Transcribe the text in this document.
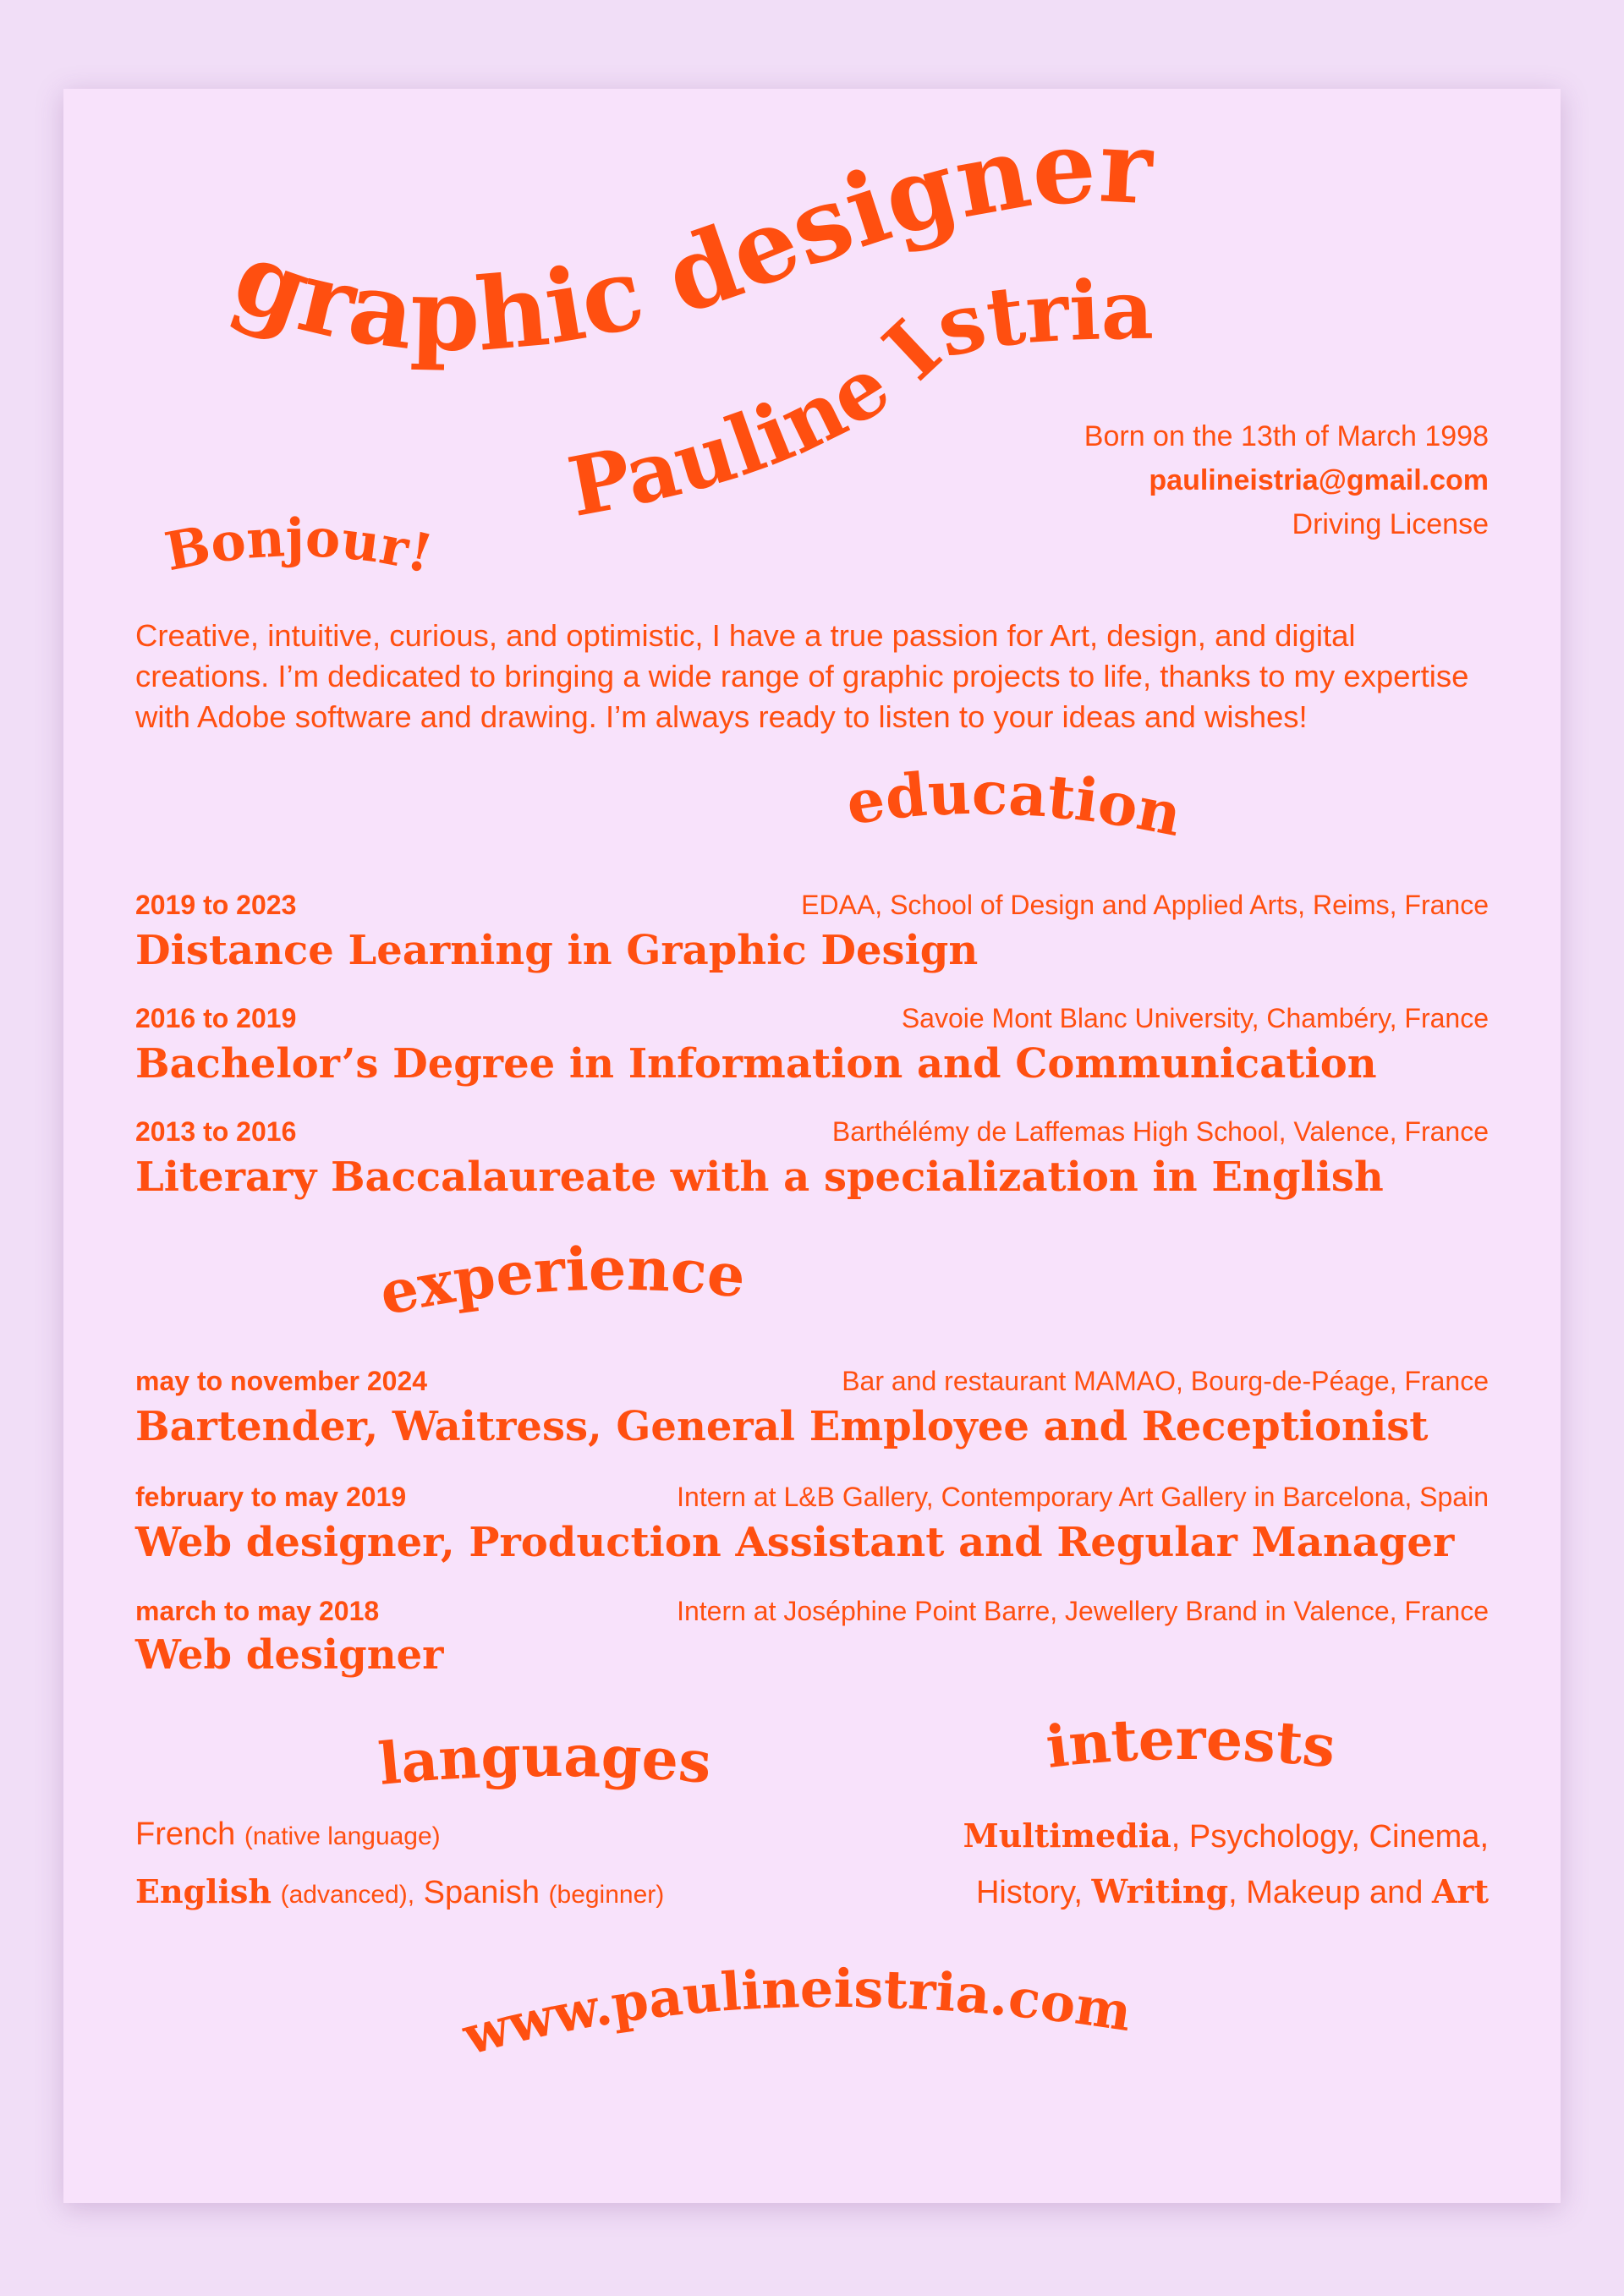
graphic designer
Pauline Istria
Bonjour!
education
experience
languages	interests
www.paulineistria.com
Born on the 13th of March 1998
paulineistria@gmail.com
Driving License
Creative, intuitive, curious, and optimistic, I have a true passion for Art, design, and digital creations. I’m dedicated to bringing a wide range of graphic projects to life, thanks to my expertise with Adobe software and drawing. I’m always ready to listen to your ideas and wishes!
2019 to 2023	EDAA, School of Design and Applied Arts, Reims, France
Distance Learning in Graphic Design
2016 to 2019	Savoie Mont Blanc University, Chambéry, France
Bachelor’s Degree in Information and Communication
2013 to 2016	Barthélémy de Laffemas High School, Valence, France
Literary Baccalaureate with a specialization in English
may to november 2024	Bar and restaurant MAMAO, Bourg-de-Péage, France
Bartender, Waitress, General Employee and Receptionist
february to may 2019	Intern at L&B Gallery, Contemporary Art Gallery in Barcelona, Spain
Web designer, Production Assistant and Regular Manager
march to may 2018	Intern at Joséphine Point Barre, Jewellery Brand in Valence, France
Web designer
French (native language)
English (advanced), Spanish (beginner)
Multimedia, Psychology, Cinema,
History, Writing, Makeup and Art
